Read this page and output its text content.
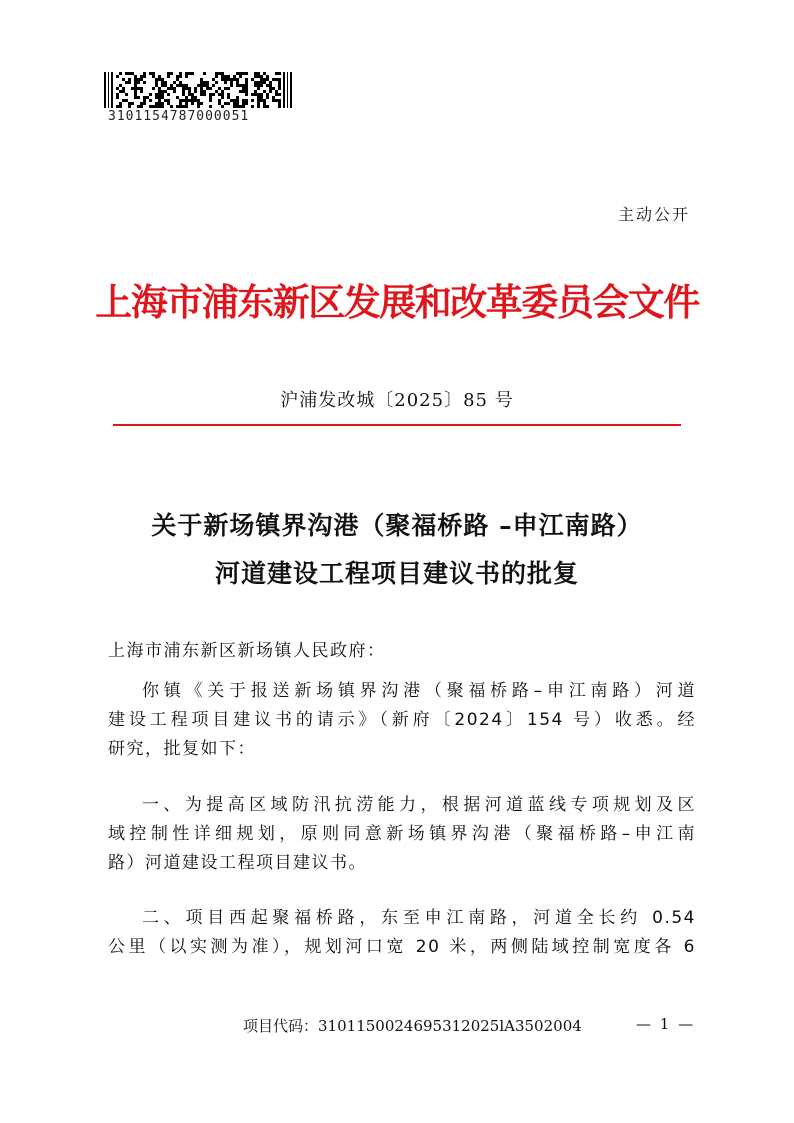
3101154787000051
主动公开
上海市浦东新区发展和改革委员会文件
沪浦发改城〔2025〕85 号
关于新场镇界沟港（聚福桥路 –申江南路）
河道建设工程项目建议书的批复
上海市浦东新区新场镇人民政府：
你镇《关于报送新场镇界沟港（聚福桥路–申江南路）河道
建设工程项目建议书的请示》（新府〔2024〕154 号）收悉。经
研究，批复如下：
一、为提高区域防汛抗涝能力，根据河道蓝线专项规划及区
域控制性详细规划，原则同意新场镇界沟港（聚福桥路–申江南
路）河道建设工程项目建议书。
二、项目西起聚福桥路，东至申江南路，河道全长约 0.54
公里（以实测为准），规划河口宽 20 米，两侧陆域控制宽度各 6
项目代码：3101150024695312025lA3502004	— 1 —
